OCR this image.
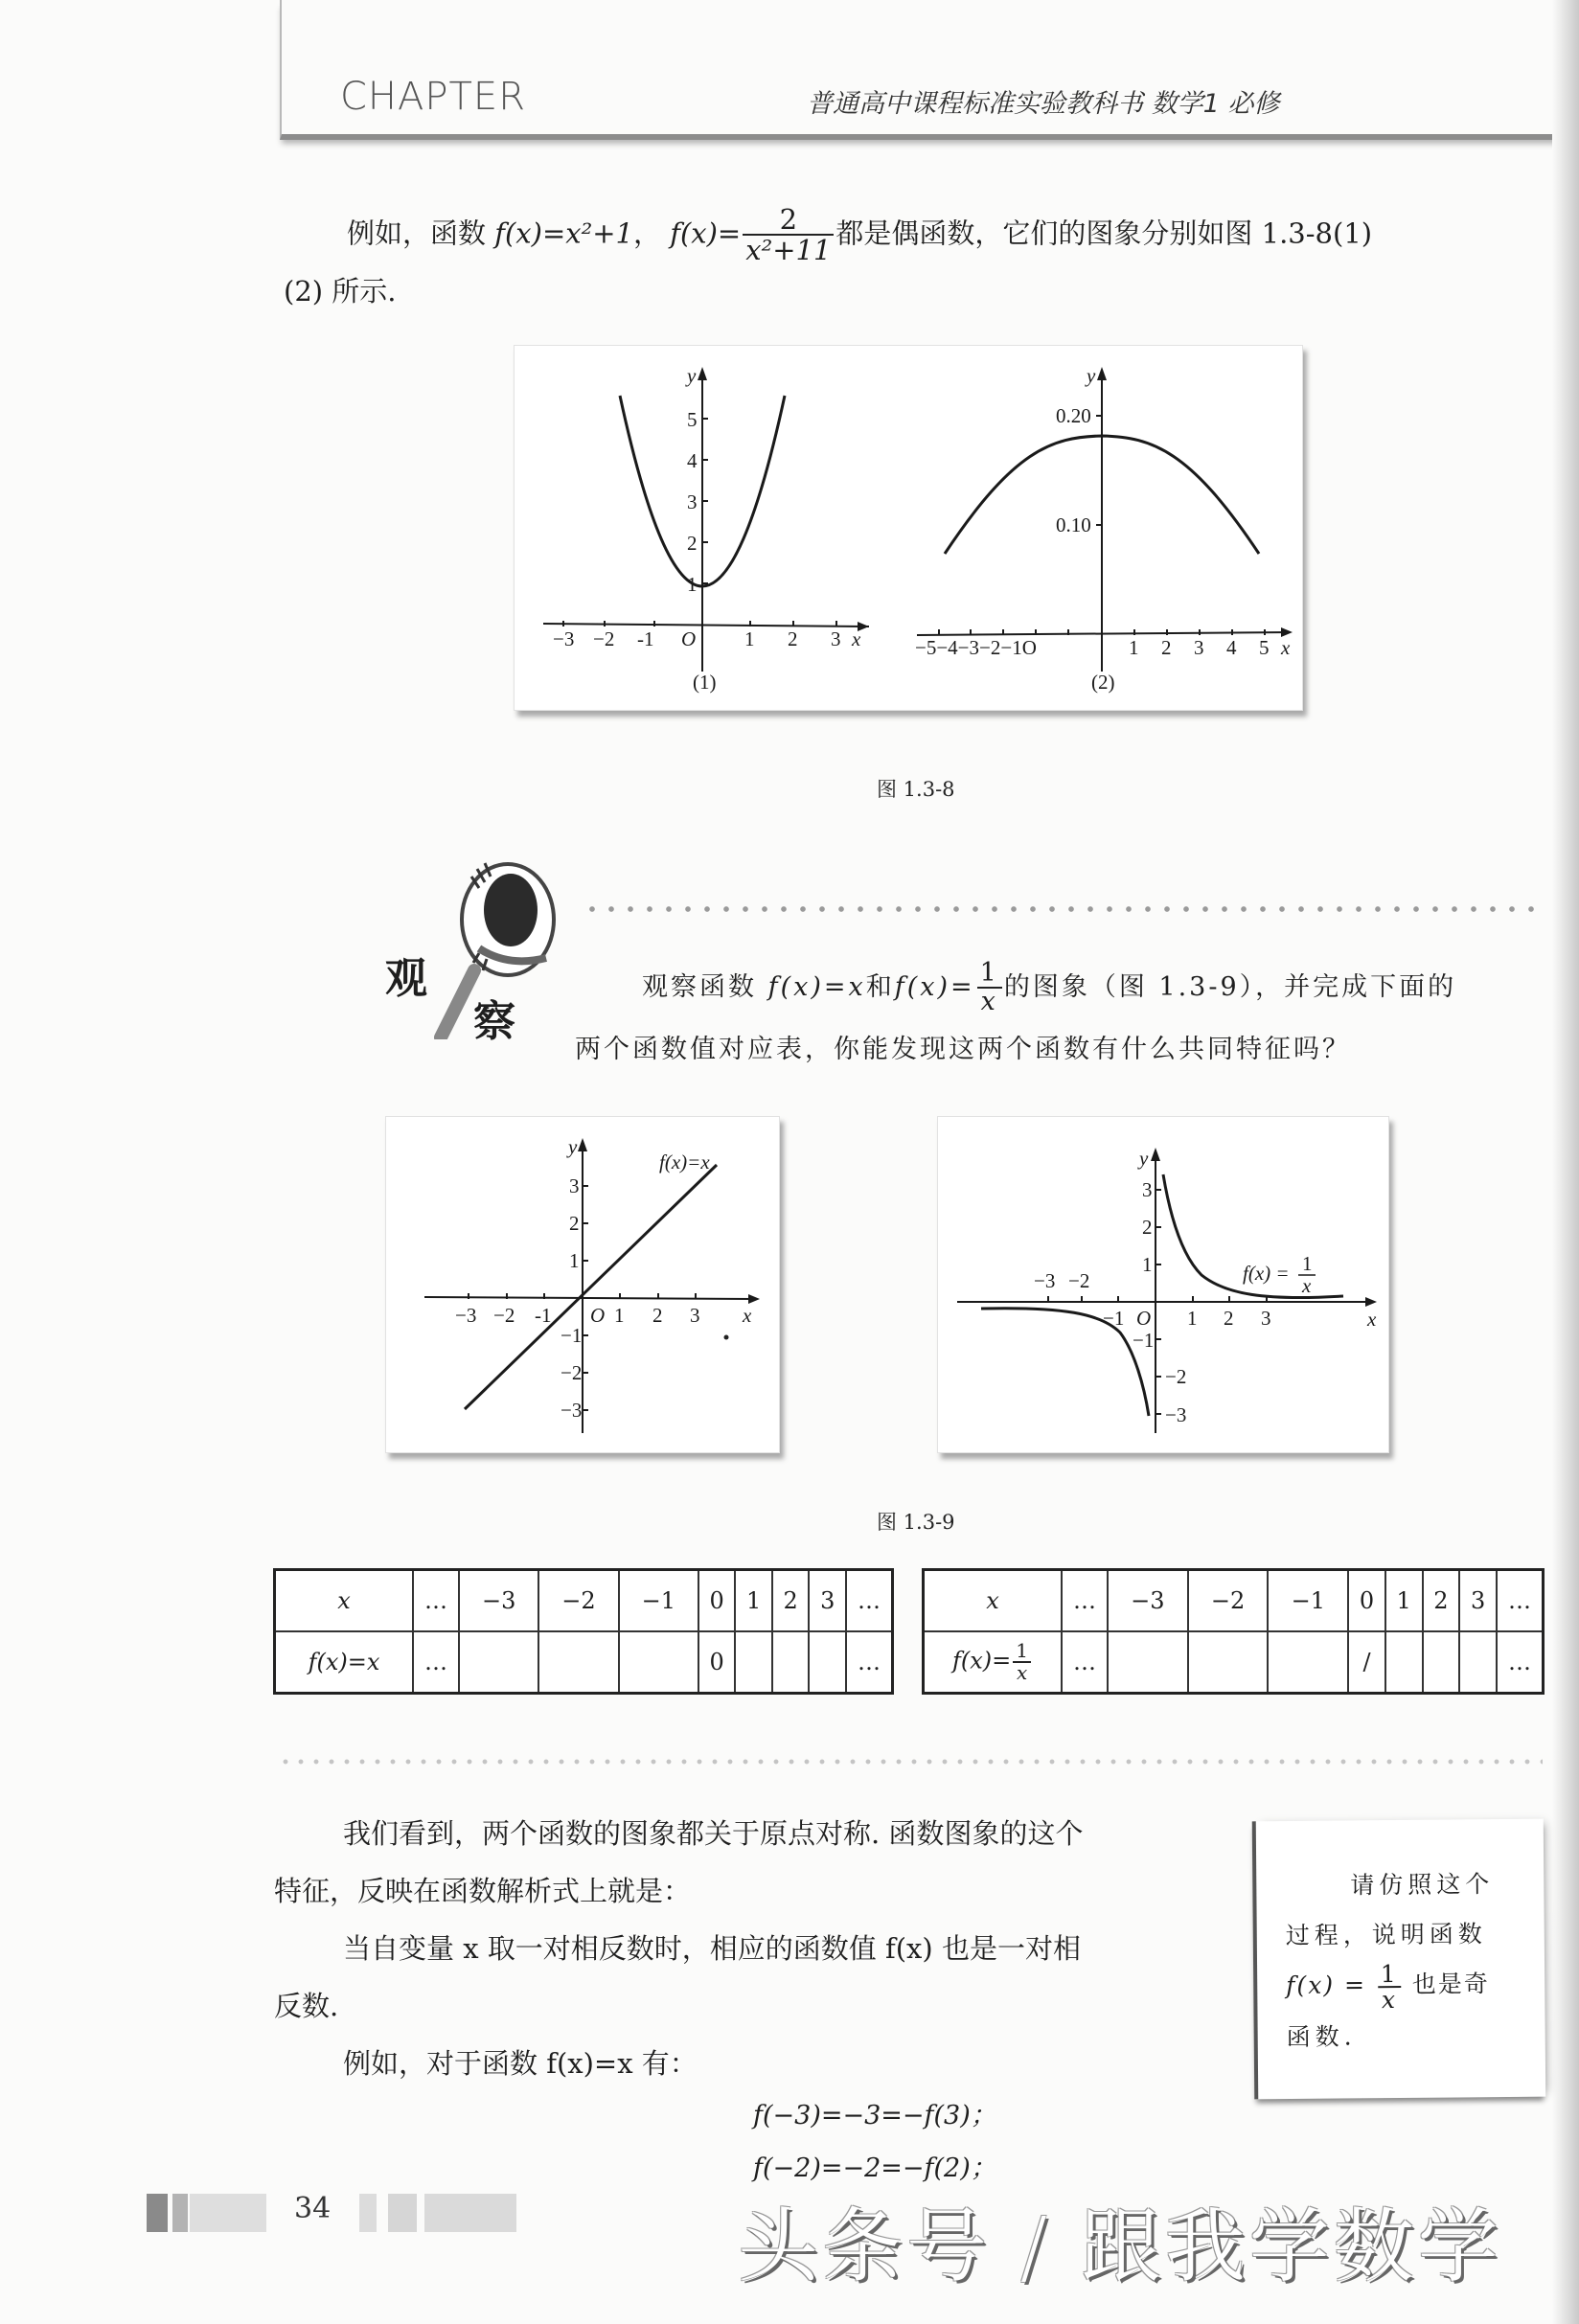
CHAPTER	普通高中课程标准实验教科书 数学1 必修
例如，函数 f(x)=x²+1， $f(x)= \frac{2}{\text{x²+11}}$ 都是偶函数，它们的图象分别如图 1.3-8(1)
(2) 所示.
−3 −2 -1 O 1 2 3 x
y
1
2
3
4
5
(1)
−5−4−3−2−1O	1 2 3 4 5 x
y
0.20
0.10
(2)
图 1.3-8
观
察
观察函数 f(x)=x和$f(x)= \frac{1}{x}$ 的图象（图 1.3-9），并完成下面的
两个函数值对应表，你能发现这两个函数有什么共同特征吗？
−3 −2 -1 O 1 2 3 x
y
3
2
1
−1
−2
−3
f(x)=x
−3 −2
−1 O 1 2 3	x
y
3
2
1
−1
−2
−3
f(x) = 1
x
图 1.3-9
x	…	−3	−2	−1	0	1	2	3	…
f(x)=x	…				0				…
x	…	−3	−2	−1	0	1	2	3	…
$f(x)= \frac{1}{x}$	…				/				…
我们看到，两个函数的图象都关于原点对称. 函数图象的这个
特征，反映在函数解析式上就是：
当自变量 x 取一对相反数时，相应的函数值 f(x) 也是一对相
反数.
例如，对于函数 f(x)=x 有：
f(−3)=−3=−f(3)；
f(−2)=−2=−f(2)；
请仿照这个
过程，说明函数
$f(x) = \frac{1}{x}$ 也是奇
函数.
34	头条号 / 跟我学数学
